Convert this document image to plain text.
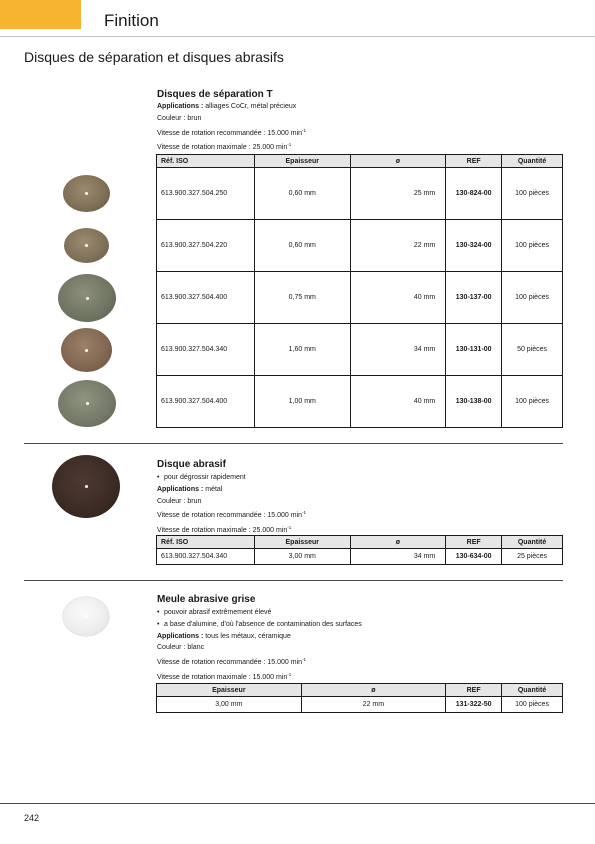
Finition
Disques de séparation et disques abrasifs
Disques de séparation T
Applications : alliages CoCr, métal précieux
Couleur : brun
Vitesse de rotation recommandée : 15.000 $\min^{-1}$
Vitesse de rotation maximale : 25.000 $\min^{-1}$
Réf. ISO	Epaisseur	ø	REF	Quantité
613.900.327.504.250	0,60 mm	25 mm	130-824-00	100 pièces
613.900.327.504.220	0,60 mm	22 mm	130-324-00	100 pièces
613.900.327.504.400	0,75 mm	40 mm	130-137-00	100 pièces
613.900.327.504.340	1,60 mm	34 mm	130-131-00	50 pièces
613.900.327.504.400	1,00 mm	40 mm	130-138-00	100 pièces
Disque abrasif
• pour dégrossir rapidement
Applications : métal
Couleur : brun
Vitesse de rotation recommandée : 15.000 $\min^{-1}$
Vitesse de rotation maximale : 25.000 $\min^{-1}$
Réf. ISO	Epaisseur	ø	REF	Quantité
613.900.327.504.340	3,00 mm	34 mm	130-634-00	25 pièces
Meule abrasive grise
• pouvoir abrasif extrêmement élevé
• a base d'alumine, d'où l'absence de contamination des surfaces
Applications : tous les métaux, céramique
Couleur : blanc
Vitesse de rotation recommandée : 15.000 $\min^{-1}$
Vitesse de rotation maximale : 15.000 $\min^{-1}$
Epaisseur	ø	REF	Quantité
3,00 mm	22 mm	131-322-50	100 pièces
242
